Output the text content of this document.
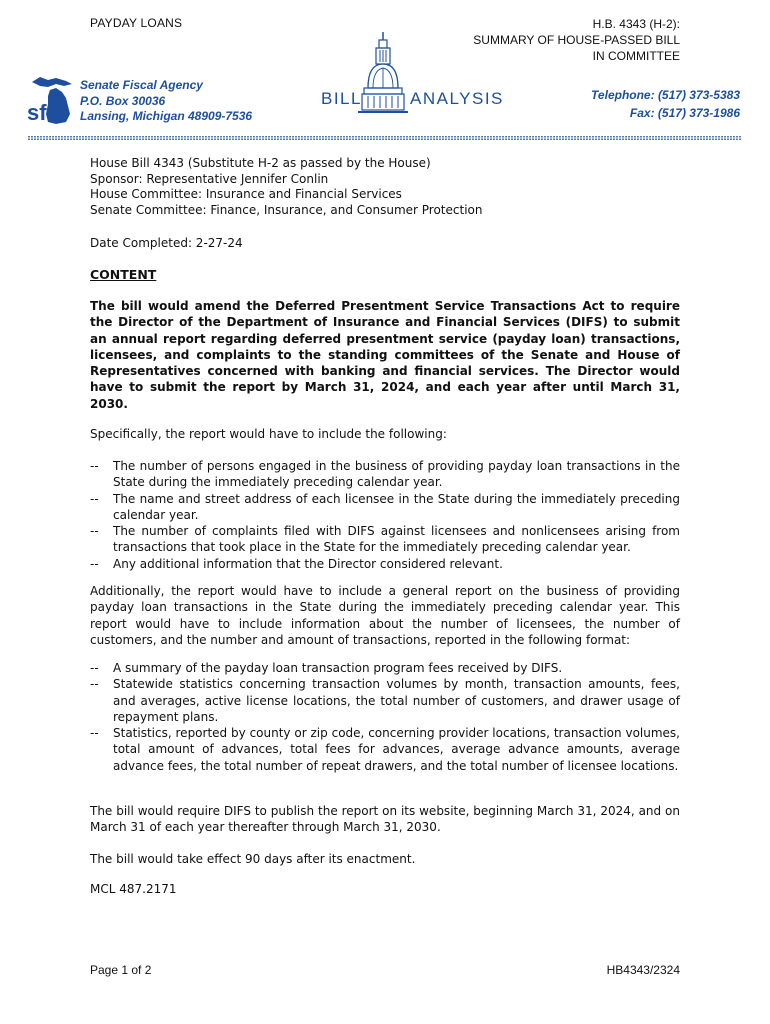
PAYDAY LOANS	H.B. 4343 (H-2):
SUMMARY OF HOUSE-PASSED BILL
IN COMMITTEE
sfa
Senate Fiscal Agency
P.O. Box 30036
Lansing, Michigan 48909-7536
BILL	ANALYSIS	Telephone: (517) 373-5383
Fax: (517) 373-1986
House Bill 4343 (Substitute H-2 as passed by the House)
Sponsor: Representative Jennifer Conlin
House Committee: Insurance and Financial Services
Senate Committee: Finance, Insurance, and Consumer Protection
Date Completed: 2-27-24
CONTENT
The bill would amend the Deferred Presentment Service Transactions Act to require the Director of the Department of Insurance and Financial Services (DIFS) to submit an annual report regarding deferred presentment service (payday loan) transactions, licensees, and complaints to the standing committees of the Senate and House of Representatives concerned with banking and financial services. The Director would have to submit the report by March 31, 2024, and each year after until March 31, 2030.
Specifically, the report would have to include the following:
-- The number of persons engaged in the business of providing payday loan transactions in the State during the immediately preceding calendar year.
-- The name and street address of each licensee in the State during the immediately preceding calendar year.
-- The number of complaints filed with DIFS against licensees and nonlicensees arising from transactions that took place in the State for the immediately preceding calendar year.
-- Any additional information that the Director considered relevant.
Additionally, the report would have to include a general report on the business of providing payday loan transactions in the State during the immediately preceding calendar year. This report would have to include information about the number of licensees, the number of customers, and the number and amount of transactions, reported in the following format:
-- A summary of the payday loan transaction program fees received by DIFS.
-- Statewide statistics concerning transaction volumes by month, transaction amounts, fees, and averages, active license locations, the total number of customers, and drawer usage of repayment plans.
-- Statistics, reported by county or zip code, concerning provider locations, transaction volumes, total amount of advances, total fees for advances, average advance amounts, average advance fees, the total number of repeat drawers, and the total number of licensee locations.
The bill would require DIFS to publish the report on its website, beginning March 31, 2024, and on March 31 of each year thereafter through March 31, 2030.
The bill would take effect 90 days after its enactment.
MCL 487.2171
Page 1 of 2	HB4343/2324
